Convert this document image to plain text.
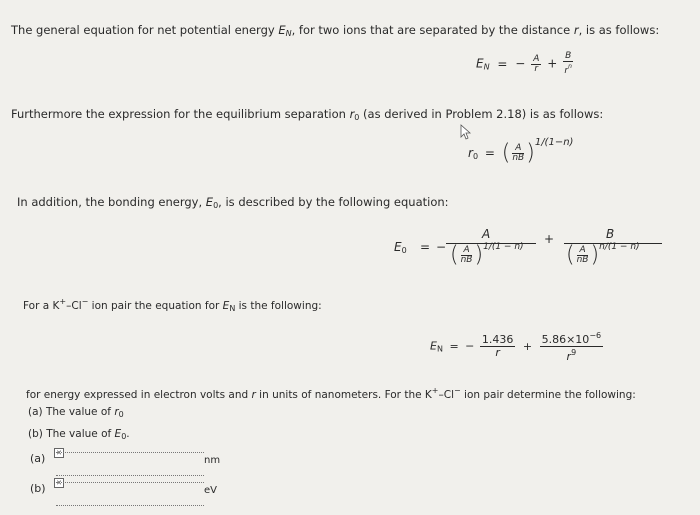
The general equation for net potential energy $E_N$, for two ions that are separated by the distance r, is as follows:
$E_N$ = − $\frac{A}{r} + \frac{B}{r^n}$
Furthermore the expression for the equilibrium separation $r_0$ (as derived in Problem 2.18) is as follows:
$r_0$ = ( $\frac{A}{nB} )^{1/(1-n)}$
In addition, the bonding energy, $E_0$, is described by the following equation:
$E_0$ = −
A
( $\frac{A}{nB} )^{1/(1 - n)}$
+	B
( $\frac{A}{nB} )^{n/(1 - n)}$
For a K+–Cl− ion pair the equation for $E_N$ is the following:
$E_N$ = − $\frac{1.436}{r} + \frac{5.86\times 10^{-6}}{r^9}$
for energy expressed in electron volts and r in units of nanometers. For the K+–Cl− ion pair determine the following:
(a) The value of $r_0$
(b) The value of $E_0$.
(a) ✕
nm
(b) ✕
eV
